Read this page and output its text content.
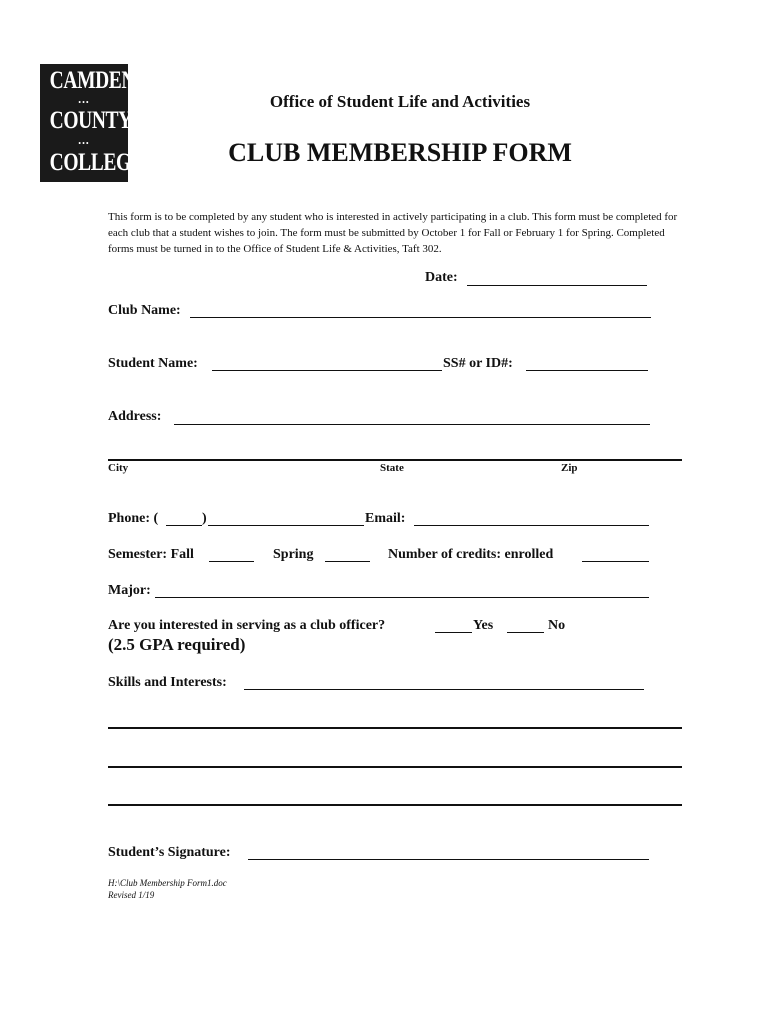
CAMDEN
•••
COUNTY
•••
COLLEGE
Office of Student Life and Activities
CLUB MEMBERSHIP FORM
This form is to be completed by any student who is interested in actively participating in a club. This form must be completed for each club that a student wishes to join. The form must be submitted by October 1 for Fall or February 1 for Spring. Completed forms must be turned in to the Office of Student Life & Activities, Taft 302.
Date:
Club Name:
Student Name:	SS# or ID#:
Address:
City	State	Zip
Phone: (	)	Email:
Semester: Fall	Spring	Number of credits: enrolled
Major:
Are you interested in serving as a club officer?	Yes	No
(2.5 GPA required)
Skills and Interests:
Student’s Signature:
H:\Club Membership Form1.doc
Revised 1/19
